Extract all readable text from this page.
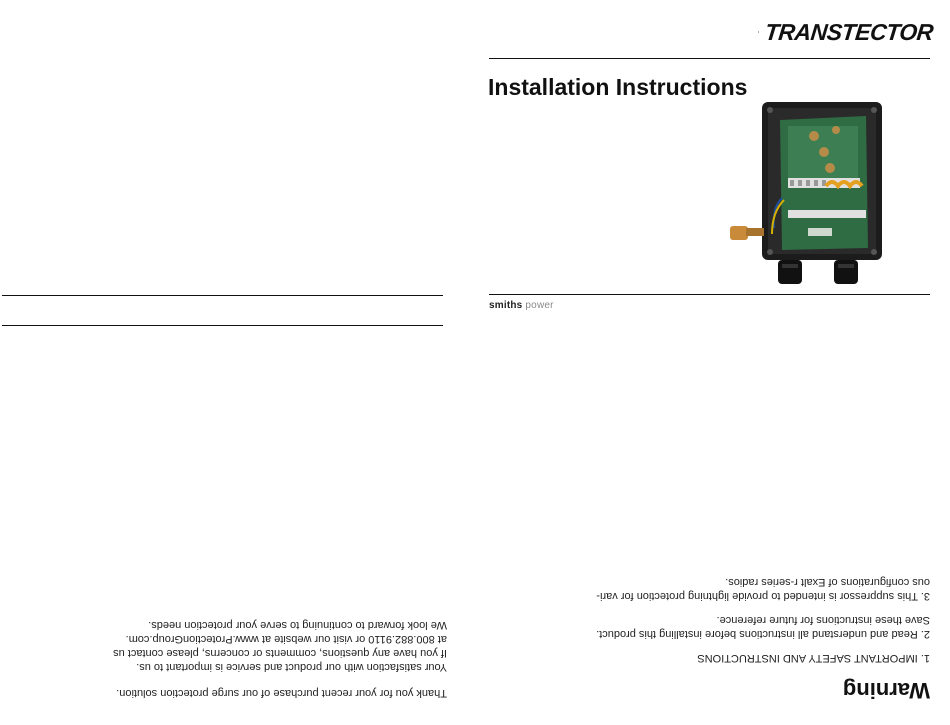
TRANSTECTOR
Installation Instructions
smiths power
Warning
1. IMPORTANT SAFETY AND INSTRUCTIONS
2. Read and understand all instructions before installing this product.
Save these instructions for future reference.
3. This suppressor is intended to provide lightning protection for vari-
ous configurations of Exalt r-series radios.
Thank you for your recent purchase of our surge protection solution.
Your satisfaction with our product and service is important to us.
If you have any questions, comments or concerns, please contact us
at 800.882.9110 or visit our website at www.ProtectionGroup.com.
We look forward to continuing to serve your protection needs.
